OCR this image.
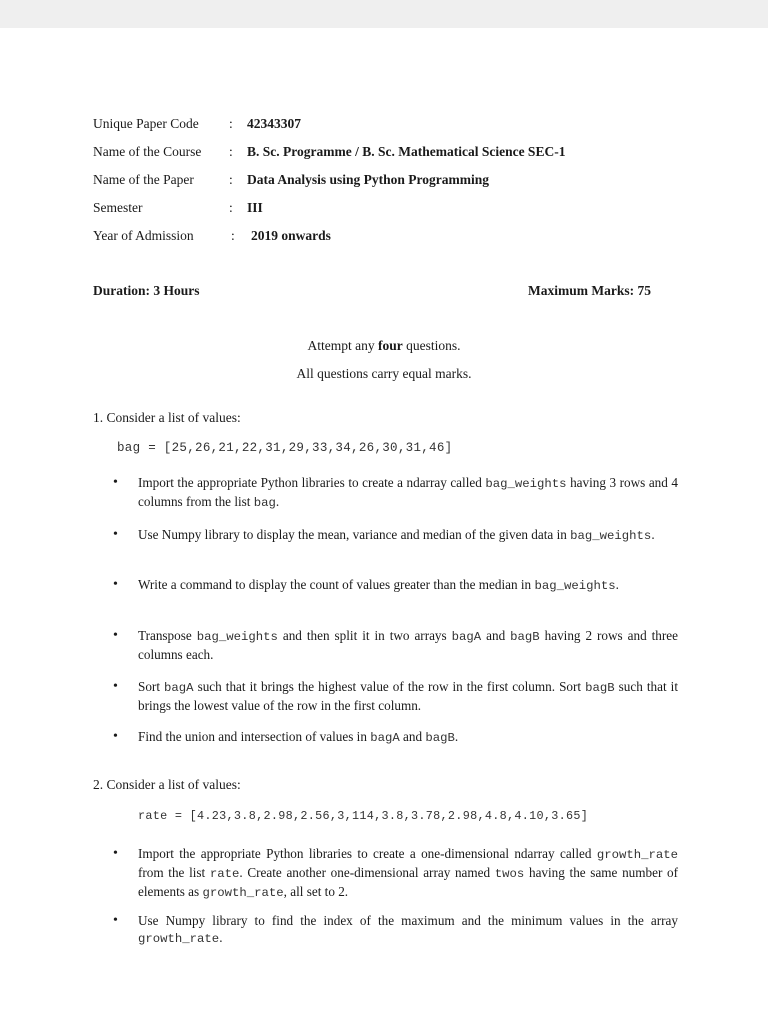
Unique Paper Code : 42343307
Name of the Course : B. Sc. Programme / B. Sc. Mathematical Science SEC-1
Name of the Paper	: Data Analysis using Python Programming
Semester	: III
Year of Admission	: 2019 onwards
Duration: 3 Hours	Maximum Marks: 75
Attempt any four questions.
All questions carry equal marks.
1. Consider a list of values:
bag = [25,26,21,22,31,29,33,34,26,30,31,46]
• Import the appropriate Python libraries to create a ndarray called bag_weights having 3 rows and 4 columns from the list bag.
• Use Numpy library to display the mean, variance and median of the given data in bag_weights.
• Write a command to display the count of values greater than the median in bag_weights.
• Transpose bag_weights and then split it in two arrays bagA and bagB having 2 rows and three columns each.
• Sort bagA such that it brings the highest value of the row in the first column. Sort bagB such that it brings the lowest value of the row in the first column.
• Find the union and intersection of values in bagA and bagB.
2. Consider a list of values:
rate = [4.23,3.8,2.98,2.56,3,114,3.8,3.78,2.98,4.8,4.10,3.65]
• Import the appropriate Python libraries to create a one-dimensional ndarray called growth_rate from the list rate. Create another one-dimensional array named twos having the same number of elements as growth_rate, all set to 2.
• Use Numpy library to find the index of the maximum and the minimum values in the array growth_rate.
